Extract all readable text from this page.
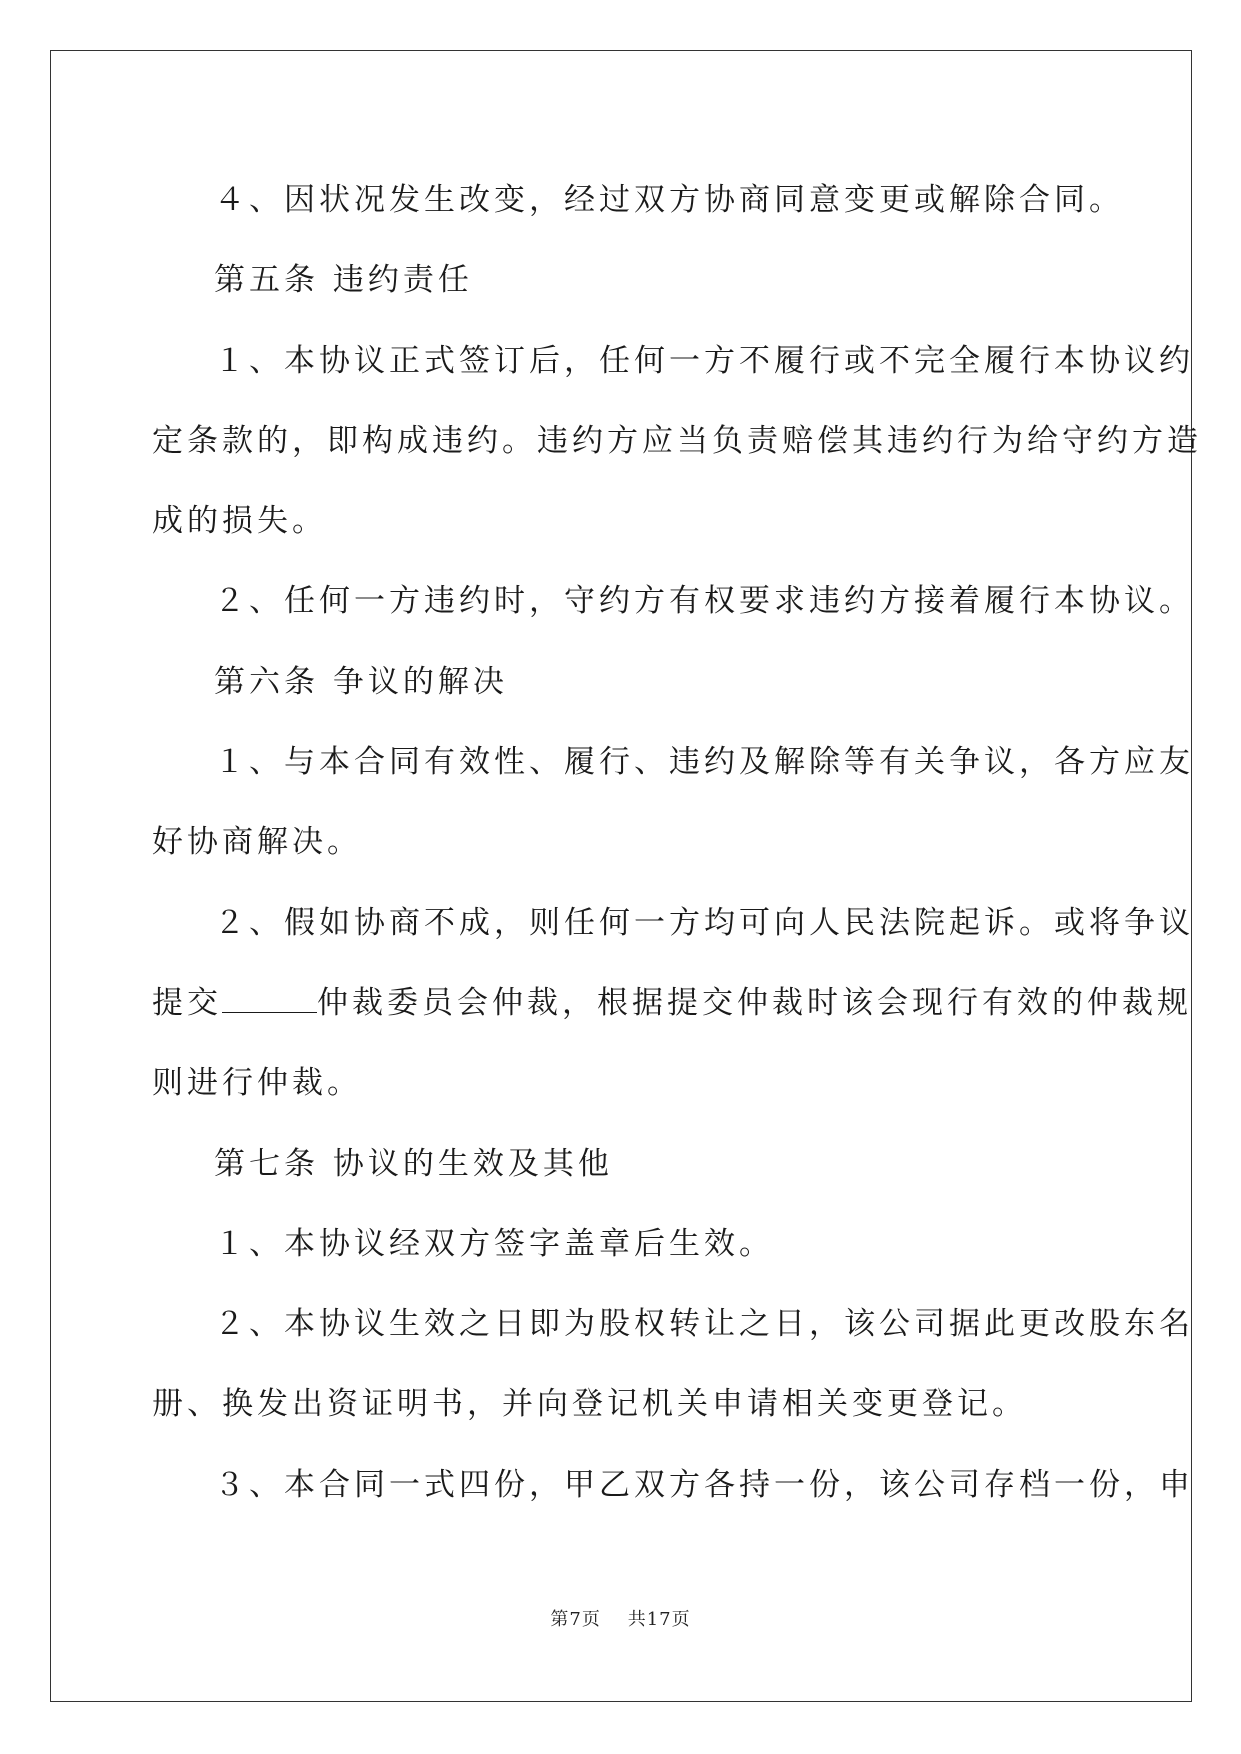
４、因状况发生改变，经过双方协商同意变更或解除合同。

第五条 违约责任

１、本协议正式签订后，任何一方不履行或不完全履行本协议约

定条款的，即构成违约。违约方应当负责赔偿其违约行为给守约方造

成的损失。

２、任何一方违约时，守约方有权要求违约方接着履行本协议。

第六条 争议的解决

１、与本合同有效性、履行、违约及解除等有关争议，各方应友

好协商解决。

２、假如协商不成，则任何一方均可向人民法院起诉。或将争议

提交	仲裁委员会仲裁，根据提交仲裁时该会现行有效的仲裁规

则进行仲裁。

第七条 协议的生效及其他

１、本协议经双方签字盖章后生效。

２、本协议生效之日即为股权转让之日，该公司据此更改股东名

册、换发出资证明书，并向登记机关申请相关变更登记。

３、本合同一式四份，甲乙双方各持一份，该公司存档一份，申

第7页 共17页
